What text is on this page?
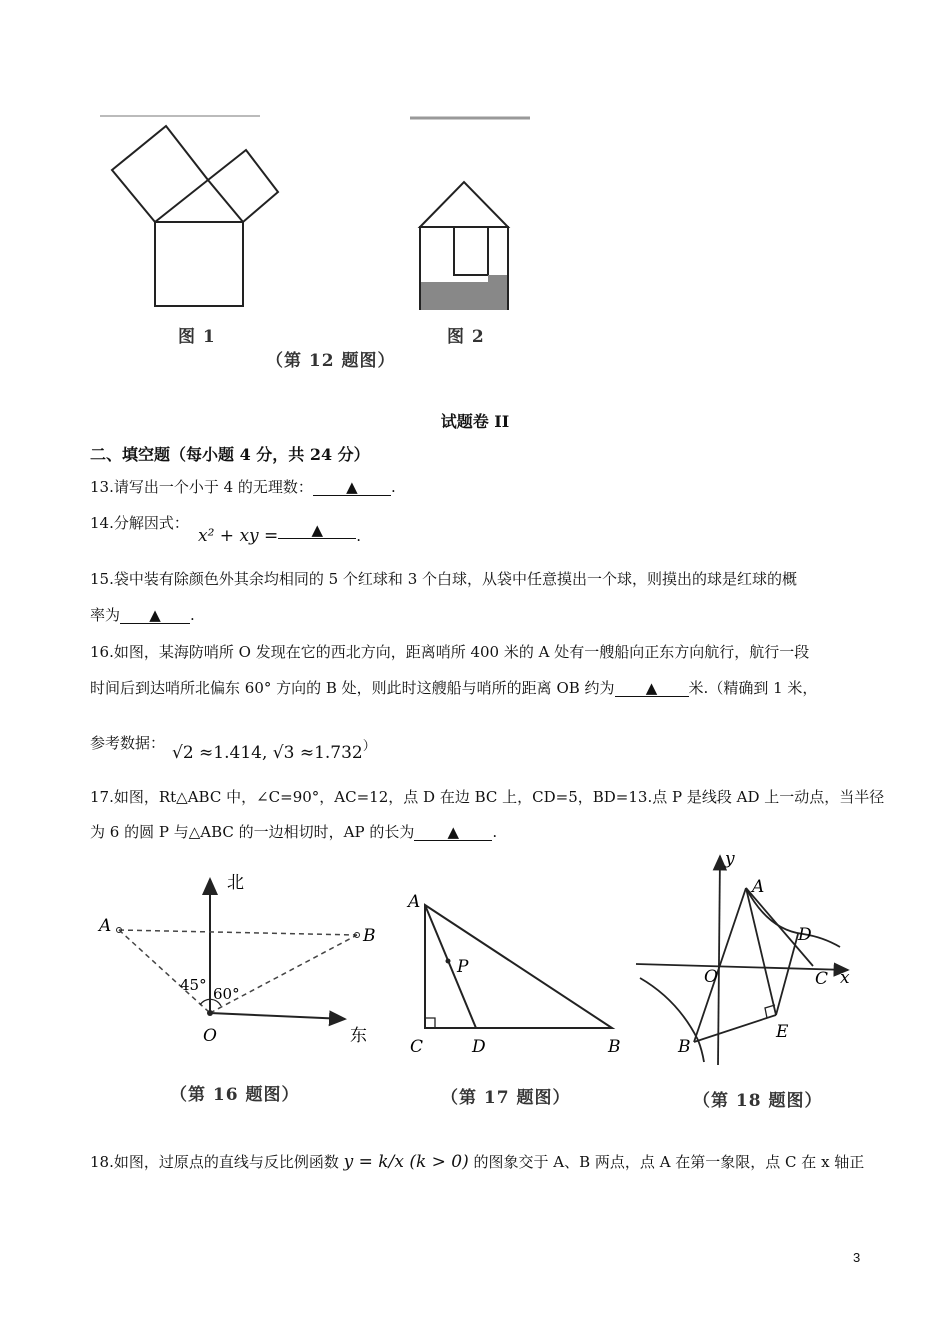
图 1	图 2
（第 12 题图）
试题卷 II
二、填空题（每小题 4 分，共 24 分）
13.请写出一个小于 4 的无理数： ▲ .
14.分解因式：
x² + xy = ▲ .
15.袋中装有除颜色外其余均相同的 5 个红球和 3 个白球，从袋中任意摸出一个球，则摸出的球是红球的概
率为 ▲ .
16.如图，某海防哨所 O 发现在它的西北方向，距离哨所 400 米的 A 处有一艘船向正东方向航行，航行一段
时间后到达哨所北偏东 60° 方向的 B 处，则此时这艘船与哨所的距离 OB 约为 ▲ 米.（精确到 1 米，
参考数据： √2 ≈1.414, √3 ≈1.732）
17.如图，Rt△ABC 中，∠C=90°，AC=12，点 D 在边 BC 上，CD=5，BD=13.点 P 是线段 AD 上一动点，当半径
为 6 的圆 P 与△ABC 的一边相切时，AP 的长为 ▲ .
北
东
A	B
O
45° 60°
（第 16 题图）
A
P
C	D	B
（第 17 题图）
y
x
O
A
D
C
E
B
（第 18 题图）
18.如图，过原点的直线与反比例函数 y = k/x (k > 0) 的图象交于 A、B 两点，点 A 在第一象限，点 C 在 x 轴正
3
